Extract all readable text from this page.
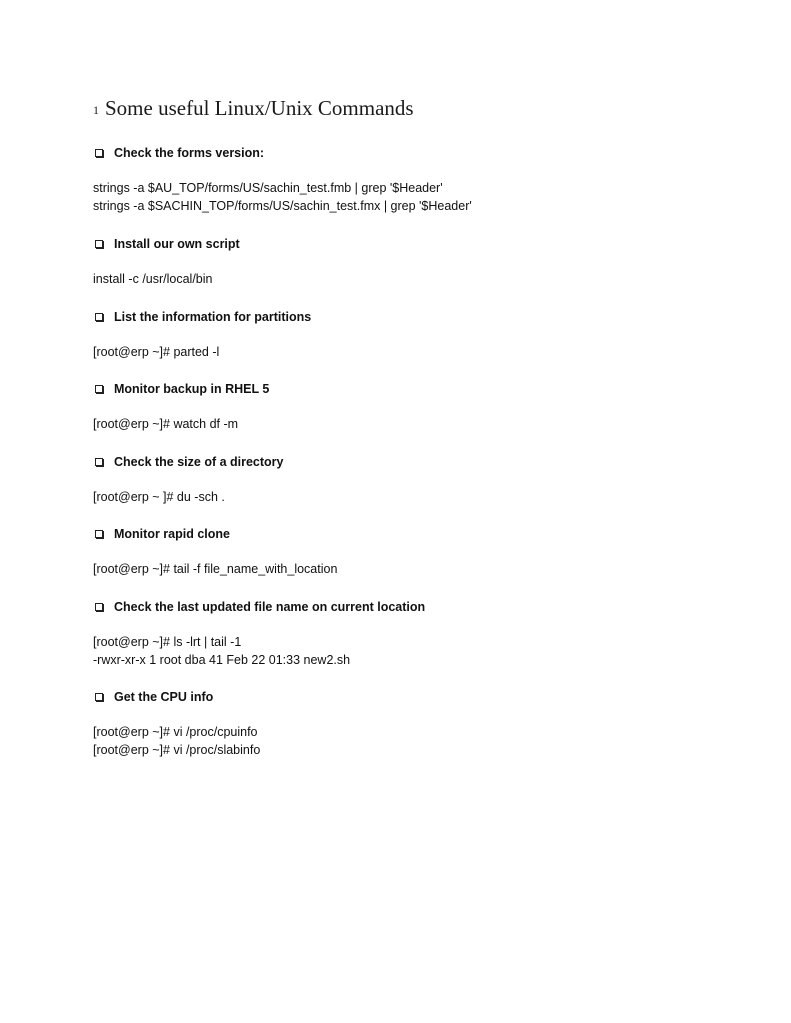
1 Some useful Linux/Unix Commands
Check the forms version:
strings -a $AU_TOP/forms/US/sachin_test.fmb | grep '$Header'
strings -a $SACHIN_TOP/forms/US/sachin_test.fmx | grep '$Header'
Install our own script
install -c /usr/local/bin
List the information for partitions
[root@erp ~]# parted -l
Monitor backup in RHEL 5
[root@erp ~]# watch df -m
Check the size of a directory
[root@erp ~ ]# du -sch .
Monitor rapid clone
[root@erp ~]# tail -f file_name_with_location
Check the last updated file name on current location
[root@erp ~]# ls -lrt | tail -1
-rwxr-xr-x 1 root dba 41 Feb 22 01:33 new2.sh
Get the CPU info
[root@erp ~]# vi /proc/cpuinfo
[root@erp ~]# vi /proc/slabinfo
